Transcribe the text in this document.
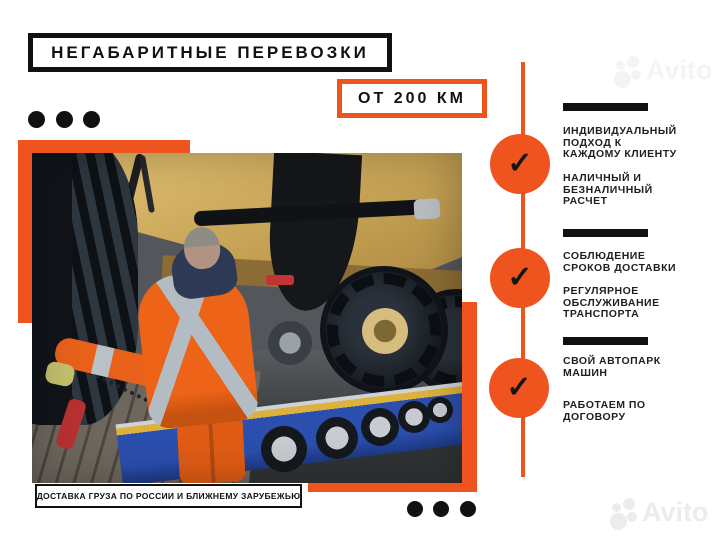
НЕГАБАРИТНЫЕ ПЕРЕВОЗКИ
ОТ 200 КМ
✓
✓
✓
ИНДИВИДУАЛЬНЫЙ
ПОДХОД К
КАЖДОМУ КЛИЕНТУ
НАЛИЧНЫЙ И
БЕЗНАЛИЧНЫЙ
РАСЧЕТ
СОБЛЮДЕНИЕ
СРОКОВ ДОСТАВКИ
РЕГУЛЯРНОЕ
ОБСЛУЖИВАНИЕ
ТРАНСПОРТА
СВОЙ АВТОПАРК
МАШИН
РАБОТАЕМ ПО
ДОГОВОРУ
ДОСТАВКА ГРУЗА ПО РОССИИ И БЛИЖНЕМУ ЗАРУБЕЖЬЮ
Avito
Avito
